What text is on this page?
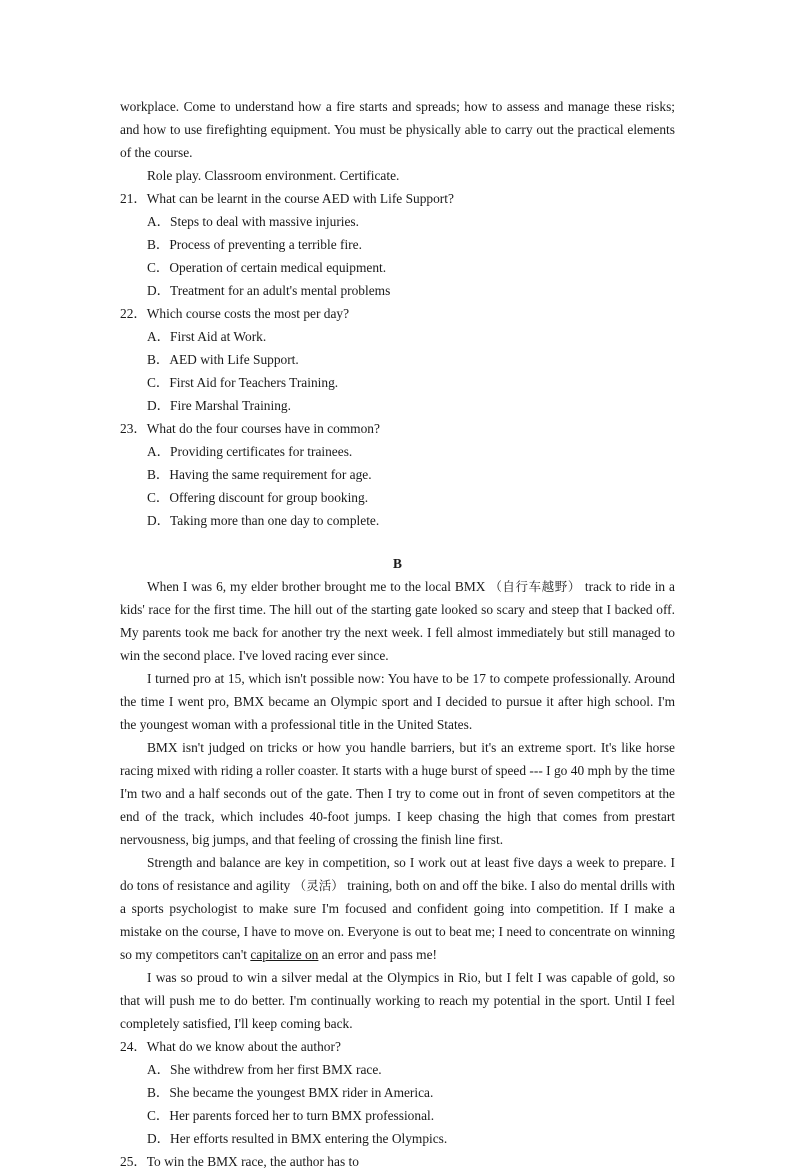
workplace. Come to understand how a fire starts and spreads; how to assess and manage these risks; and how to use firefighting equipment. You must be physically able to carry out the practical elements of the course.

Role play. Classroom environment. Certificate.

21．What can be learnt in the course AED with Life Support?

A．Steps to deal with massive injuries.
B．Process of preventing a terrible fire.
C．Operation of certain medical equipment.
D．Treatment for an adult's mental problems

22．Which course costs the most per day?

A．First Aid at Work.
B．AED with Life Support.
C．First Aid for Teachers Training.
D．Fire Marshal Training.

23．What do the four courses have in common?

A．Providing certificates for trainees.
B．Having the same requirement for age.
C．Offering discount for group booking.
D．Taking more than one day to complete.

B

When I was 6, my elder brother brought me to the local BMX （自行车越野） track to ride in a kids' race for the first time. The hill out of the starting gate looked so scary and steep that I backed off. My parents took me back for another try the next week. I fell almost immediately but still managed to win the second place. I've loved racing ever since.

I turned pro at 15, which isn't possible now: You have to be 17 to compete professionally. Around the time I went pro, BMX became an Olympic sport and I decided to pursue it after high school. I'm the youngest woman with a professional title in the United States.

BMX isn't judged on tricks or how you handle barriers, but it's an extreme sport. It's like horse racing mixed with riding a roller coaster. It starts with a huge burst of speed --- I go 40 mph by the time I'm two and a half seconds out of the gate. Then I try to come out in front of seven competitors at the end of the track, which includes 40-foot jumps. I keep chasing the high that comes from prestart nervousness, big jumps, and that feeling of crossing the finish line first.

Strength and balance are key in competition, so I work out at least five days a week to prepare. I do tons of resistance and agility （灵活） training, both on and off the bike. I also do mental drills with a sports psychologist to make sure I'm focused and confident going into competition. If I make a mistake on the course, I have to move on. Everyone is out to beat me; I need to concentrate on winning so my competitors can't capitalize on an error and pass me!

I was so proud to win a silver medal at the Olympics in Rio, but I felt I was capable of gold, so that will push me to do better. I'm continually working to reach my potential in the sport. Until I feel completely satisfied, I'll keep coming back.

24．What do we know about the author?

A．She withdrew from her first BMX race.
B．She became the youngest BMX rider in America.
C．Her parents forced her to turn BMX professional.
D．Her efforts resulted in BMX entering the Olympics.

25．To win the BMX race, the author has to
